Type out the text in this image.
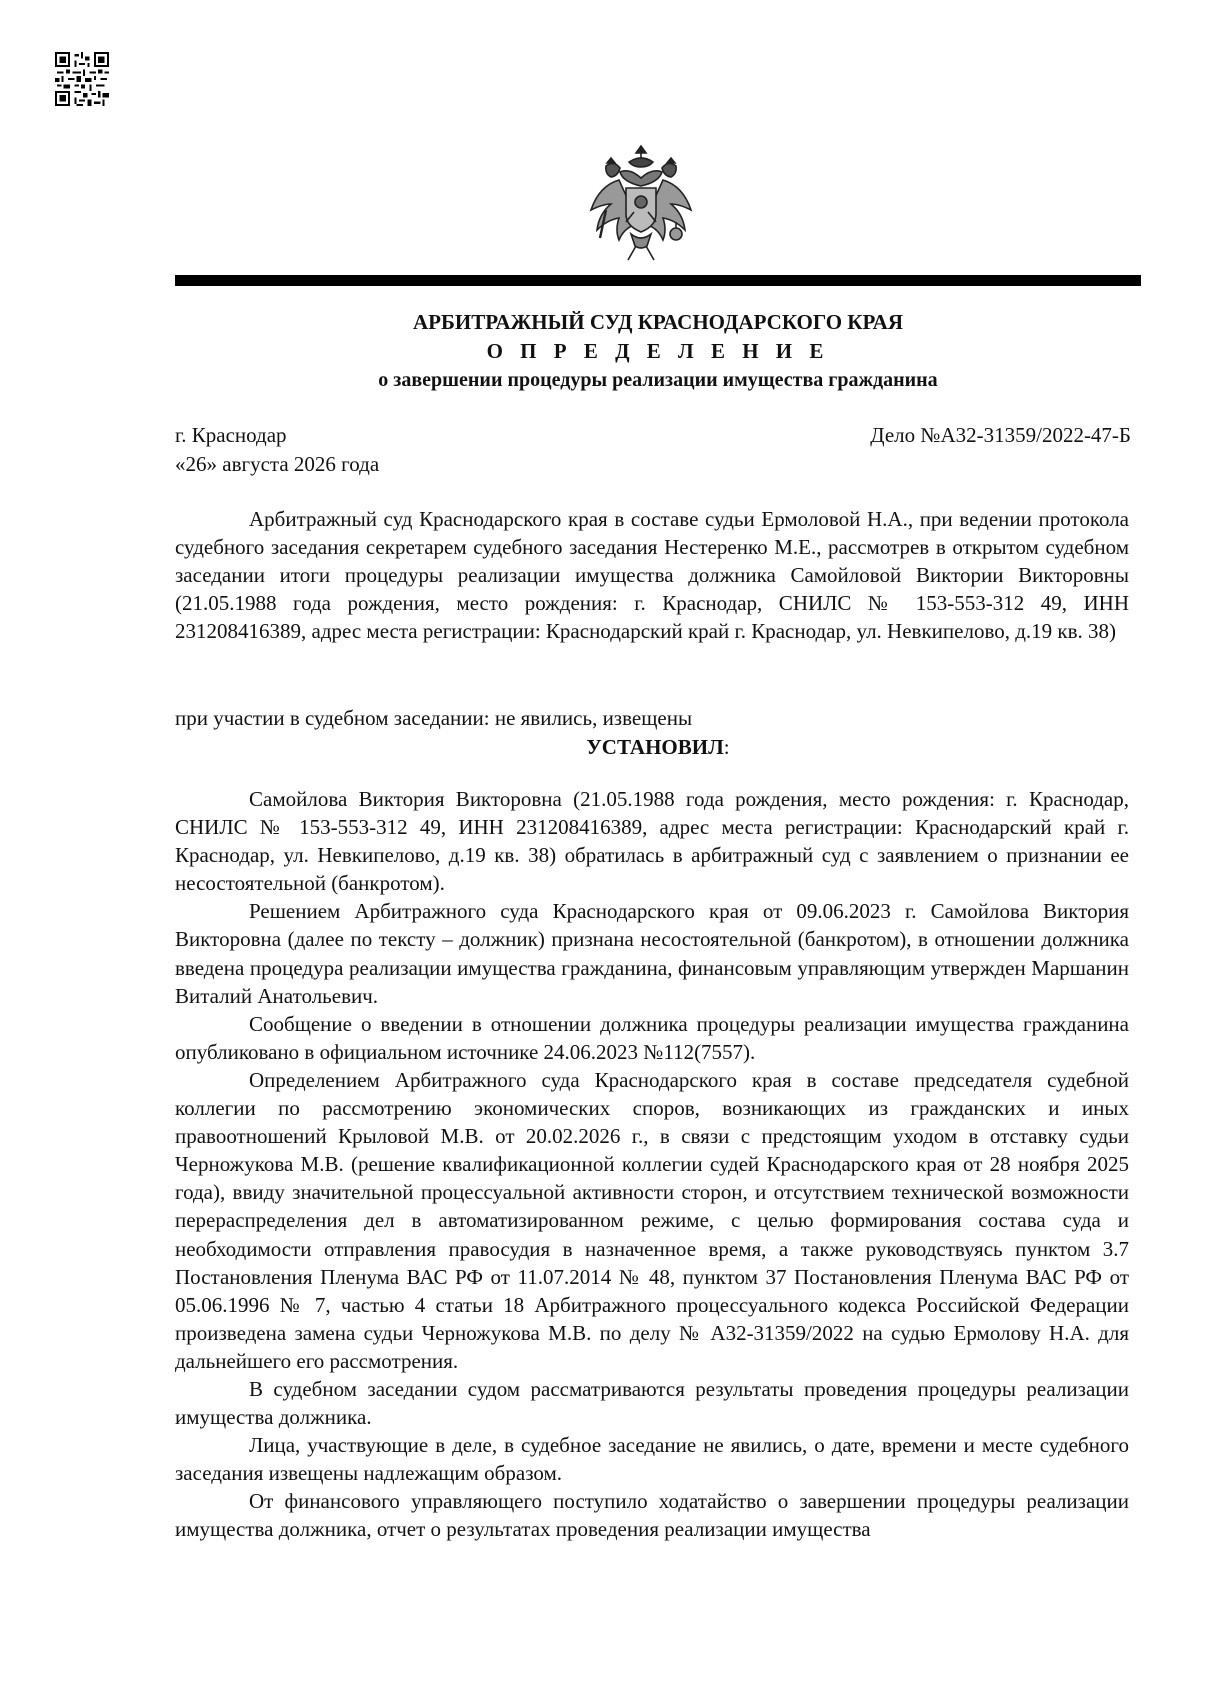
АРБИТРАЖНЫЙ СУД КРАСНОДАРСКОГО КРАЯ
О П Р Е Д Е Л Е Н И Е
о завершении процедуры реализации имущества гражданина
г. Краснодар
«26» августа 2026 года
Дело №А32-31359/2022-47-Б

Арбитражный суд Краснодарского края в составе судьи Ермоловой Н.А., при ведении протокола судебного заседания секретарем судебного заседания Нестеренко М.Е., рассмотрев в открытом судебном заседании итоги процедуры реализации имущества должника Самойловой Виктории Викторовны (21.05.1988 года рождения, место рождения: г. Краснодар, СНИЛС № 153-553-312 49, ИНН 231208416389, адрес места регистрации: Краснодарский край г. Краснодар, ул. Невкипелово, д.19 кв. 38)

при участии в судебном заседании: не явились, извещены

УСТАНОВИЛ:

Самойлова Виктория Викторовна (21.05.1988 года рождения, место рождения: г. Краснодар, СНИЛС № 153-553-312 49, ИНН 231208416389, адрес места регистрации: Краснодарский край г. Краснодар, ул. Невкипелово, д.19 кв. 38) обратилась в арбитражный суд с заявлением о признании ее несостоятельной (банкротом).

Решением Арбитражного суда Краснодарского края от 09.06.2023 г. Самойлова Виктория Викторовна (далее по тексту – должник) признана несостоятельной (банкротом), в отношении должника введена процедура реализации имущества гражданина, финансовым управляющим утвержден Маршанин Виталий Анатольевич.

Сообщение о введении в отношении должника процедуры реализации имущества гражданина опубликовано в официальном источнике 24.06.2023 №112(7557).

Определением Арбитражного суда Краснодарского края в составе председателя судебной коллегии по рассмотрению экономических споров, возникающих из гражданских и иных правоотношений Крыловой М.В. от 20.02.2026 г., в связи с предстоящим уходом в отставку судьи Черножукова М.В. (решение квалификационной коллегии судей Краснодарского края от 28 ноября 2025 года), ввиду значительной процессуальной активности сторон, и отсутствием технической возможности перераспределения дел в автоматизированном режиме, с целью формирования состава суда и необходимости отправления правосудия в назначенное время, а также руководствуясь пунктом 3.7 Постановления Пленума ВАС РФ от 11.07.2014 № 48, пунктом 37 Постановления Пленума ВАС РФ от 05.06.1996 № 7, частью 4 статьи 18 Арбитражного процессуального кодекса Российской Федерации произведена замена судьи Черножукова М.В. по делу № А32-31359/2022 на судью Ермолову Н.А. для дальнейшего его рассмотрения.

В судебном заседании судом рассматриваются результаты проведения процедуры реализации имущества должника.

Лица, участвующие в деле, в судебное заседание не явились, о дате, времени и месте судебного заседания извещены надлежащим образом.

От финансового управляющего поступило ходатайство о завершении процедуры реализации имущества должника, отчет о результатах проведения реализации имущества
